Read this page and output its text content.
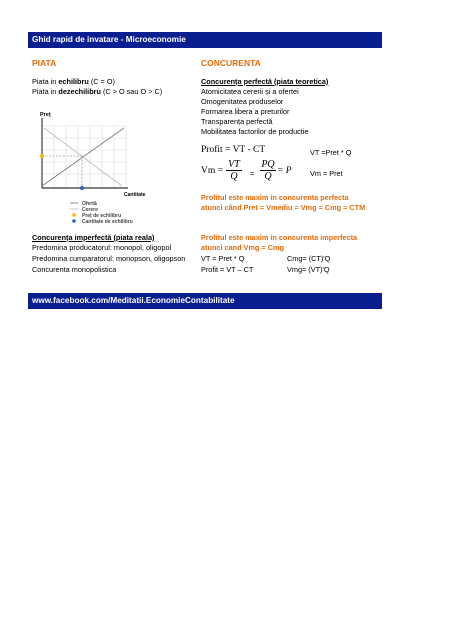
Ghid rapid de invatare - Microeconomie
PIATA
Piata in echilibru (C = O)
Piata in dezechilibru (C > O sau O > C)
Preț
Cantitate
Ofertă
Cerere
Preț de echilibru
Cantitate de echilibru
CONCURENTA
Concurența perfectă (piata teoretica)
Atomicitatea cererii și a ofertei
Omogenitatea produselor
Formarea libera a preturilor
Transparența perfectă
Mobilitatea factorilor de productie
Profit = VT - CT	VT =Pret * Q
$Vm = \frac{VT}{Q} = \frac{PQ}{Q} = P$	Vm = Pret
Profitul este maxim in concurenta perfecta
atunci când Pret = Vmediu = Vmg = Cmg = CTM
Concurența imperfectă (piata reala)
Predomina producatorul: monopol, oligopol
Predomina cumparatorul: monopson, oligopson
Concurenta monopolistica
Profitul este maxim in concurenta imperfecta
atunci cand Vmg = Cmg
VT = Pret * Q	Cmg= (CT)'Q
Profit = VT – CT	Vmg= (VT)'Q
www.facebook.com/Meditatii.EconomieContabilitate
